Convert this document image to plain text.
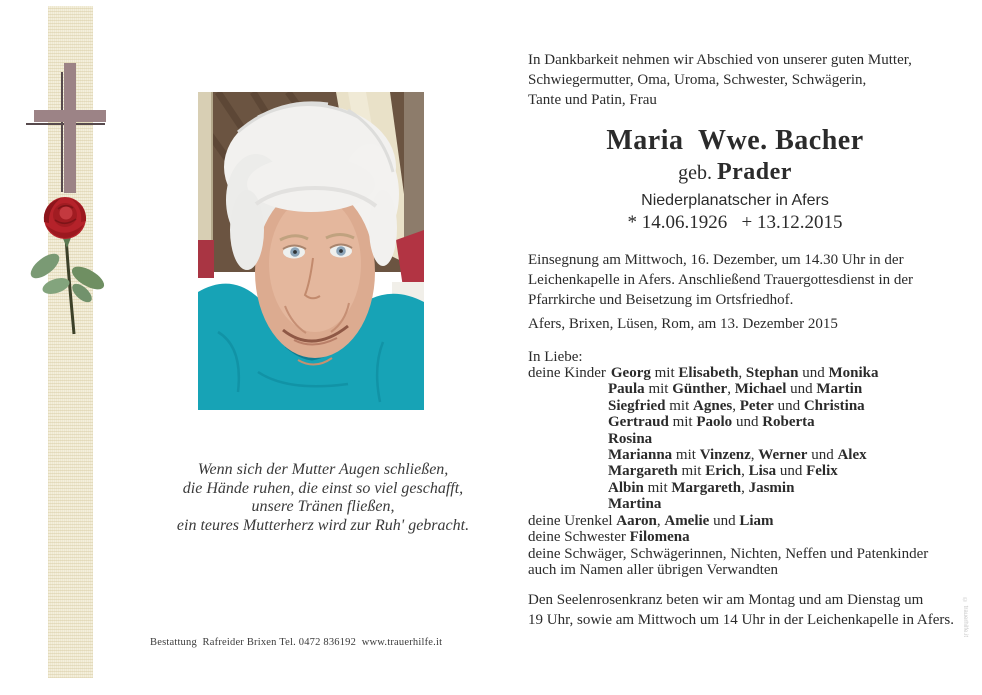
In Dankbarkeit nehmen wir Abschied von unserer guten Mutter,
Schwiegermutter, Oma, Uroma, Schwester, Schwägerin,
Tante und Patin, Frau
Maria  Wwe. Bacher
geb. Prader
Niederplanatscher in Afers
* 14.06.1926   + 13.12.2015
Einsegnung am Mittwoch, 16. Dezember, um 14.30 Uhr in der
Leichenkapelle in Afers. Anschließend Trauergottesdienst in der
Pfarrkirche und Beisetzung im Ortsfriedhof.
Afers, Brixen, Lüsen, Rom, am 13. Dezember 2015
In Liebe:
deine Kinder Georg mit Elisabeth, Stephan und Monika
Paula mit Günther, Michael und Martin
Siegfried mit Agnes, Peter und Christina
Gertraud mit Paolo und Roberta
Rosina
Marianna mit Vinzenz, Werner und Alex
Margareth mit Erich, Lisa und Felix
Albin mit Margareth, Jasmin
Martina
deine Urenkel Aaron, Amelie und Liam
deine Schwester Filomena
deine Schwäger, Schwägerinnen, Nichten, Neffen und Patenkinder
auch im Namen aller übrigen Verwandten
Den Seelenrosenkranz beten wir am Montag und am Dienstag um
19 Uhr, sowie am Mittwoch um 14 Uhr in der Leichenkapelle in Afers.
Wenn sich der Mutter Augen schließen,
die Hände ruhen, die einst so viel geschafft,
unsere Tränen fließen,
ein teures Mutterherz wird zur Ruh' gebracht.
Bestattung  Rafreider Brixen Tel. 0472 836192  www.trauerhilfe.it
© trauerhilfe.it
